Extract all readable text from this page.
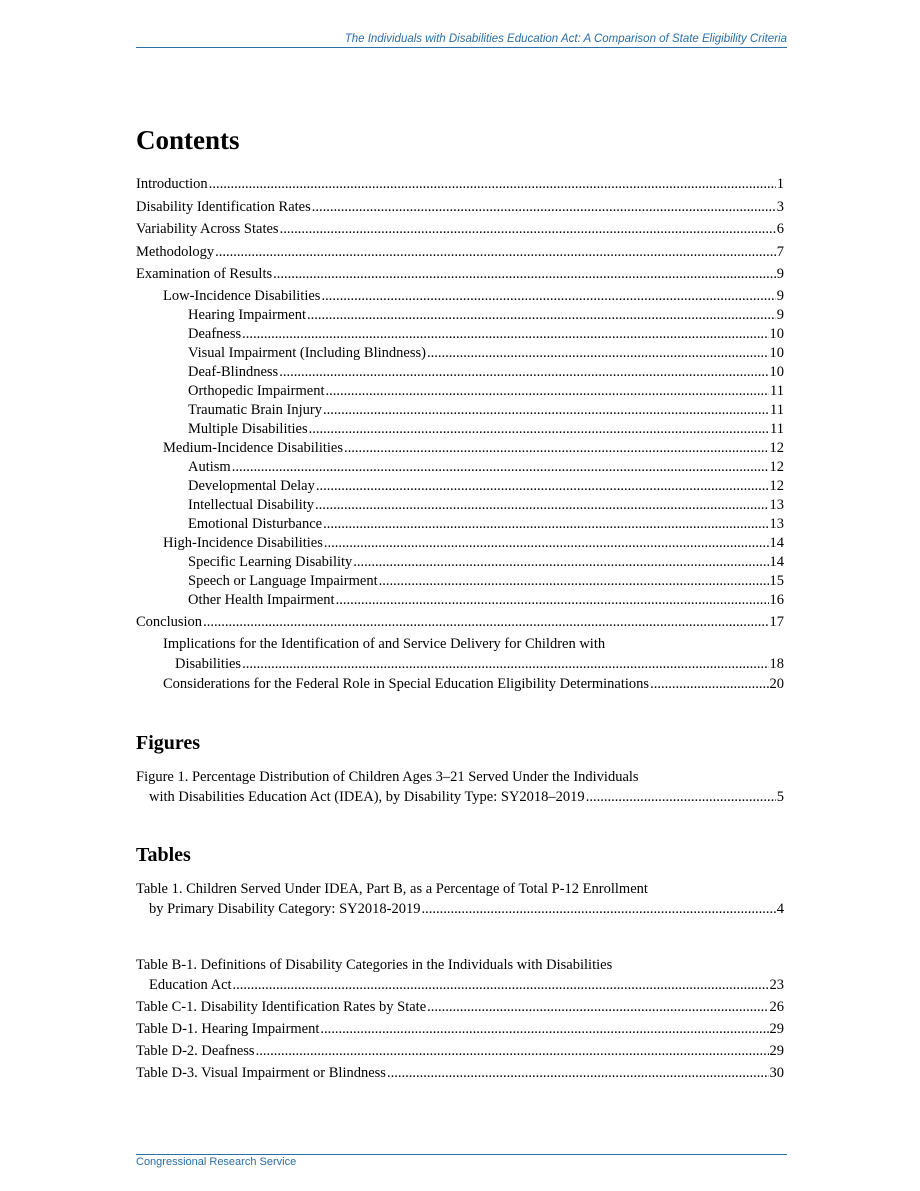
The Individuals with Disabilities Education Act: A Comparison of State Eligibility Criteria
Contents
Introduction .....	1
Disability Identification Rates .....	3
Variability Across States .....	6
Methodology .....	7
Examination of Results .....	9
Low-Incidence Disabilities .....	9
Hearing Impairment .....	9
Deafness .....	10
Visual Impairment (Including Blindness) .....	10
Deaf-Blindness .....	10
Orthopedic Impairment .....	11
Traumatic Brain Injury .....	11
Multiple Disabilities .....	11
Medium-Incidence Disabilities .....	12
Autism .....	12
Developmental Delay .....	12
Intellectual Disability .....	13
Emotional Disturbance .....	13
High-Incidence Disabilities .....	14
Specific Learning Disability .....	14
Speech or Language Impairment .....	15
Other Health Impairment .....	16
Conclusion .....	17
Implications for the Identification of and Service Delivery for Children with
Disabilities .....	18
Considerations for the Federal Role in Special Education Eligibility Determinations .....	20
Figures
Figure 1. Percentage Distribution of Children Ages 3–21 Served Under the Individuals
with Disabilities Education Act (IDEA), by Disability Type: SY2018–2019 .....	5
Tables
Table 1. Children Served Under IDEA, Part B, as a Percentage of Total P-12 Enrollment
by Primary Disability Category: SY2018-2019 .....	4
Table B-1. Definitions of Disability Categories in the Individuals with Disabilities
Education Act .....	23
Table C-1. Disability Identification Rates by State .....	26
Table D-1. Hearing Impairment .....	29
Table D-2. Deafness .....	29
Table D-3. Visual Impairment or Blindness .....	30
Congressional Research Service
